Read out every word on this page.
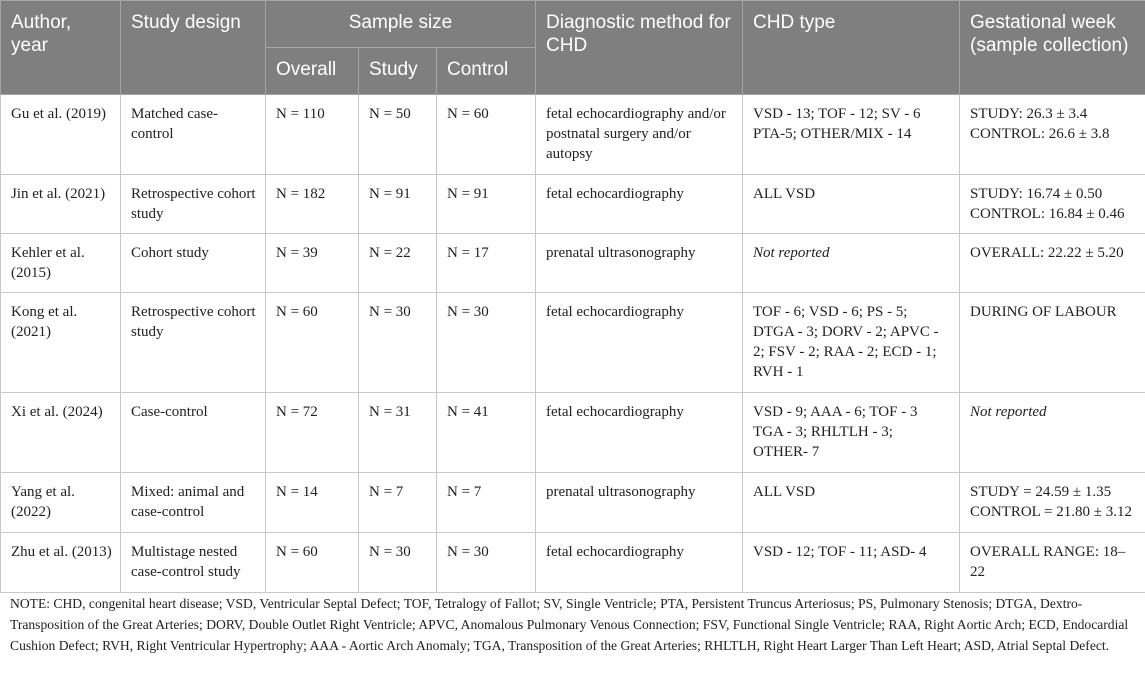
Author, year	Study design	Sample size			Diagnostic method for CHD	CHD type	Gestational week (sample collection)
		Overall	Study	Control			
Gu et al. (2019)	Matched case-control	N = 110	N = 50	N = 60	fetal echocardiography and/or postnatal surgery and/or autopsy	VSD - 13; TOF - 12; SV - 6 PTA-5; OTHER/MIX - 14	STUDY: 26.3 ± 3.4
CONTROL: 26.6 ± 3.8

Jin et al. (2021)	Retrospective cohort study	N = 182	N = 91	N = 91	fetal echocardiography	ALL VSD	STUDY: 16.74 ± 0.50
CONTROL: 16.84 ± 0.46

Kehler et al. (2015)	Cohort study	N = 39	N = 22	N = 17	prenatal ultrasonography	Not reported	OVERALL: 22.22 ± 5.20

Kong et al. (2021)	Retrospective cohort study	N = 60	N = 30	N = 30	fetal echocardiography	TOF - 6; VSD - 6; PS - 5; DTGA - 3; DORV - 2; APVC - 2; FSV - 2; RAA - 2; ECD - 1; RVH - 1	DURING OF LABOUR

Xi et al. (2024)	Case-control	N = 72	N = 31	N = 41	fetal echocardiography	VSD - 9; AAA - 6; TOF - 3 TGA - 3; RHLTLH - 3; OTHER- 7	Not reported
Yang et al. (2022)	Mixed: animal and case-control	N = 14	N = 7	N = 7	prenatal ultrasonography	ALL VSD	STUDY = 24.59 ± 1.35
CONTROL = 21.80 ± 3.12

Zhu et al. (2013)	Multistage nested case-control study	N = 60	N = 30	N = 30	fetal echocardiography	VSD - 12; TOF - 11; ASD- 4	OVERALL RANGE: 18–22
NOTE: CHD, congenital heart disease; VSD, Ventricular Septal Defect; TOF, Tetralogy of Fallot; SV, Single Ventricle; PTA, Persistent Truncus Arteriosus; PS, Pulmonary Stenosis; DTGA, Dextro-Transposition of the Great Arteries; DORV, Double Outlet Right Ventricle; APVC, Anomalous Pulmonary Venous Connection; FSV, Functional Single Ventricle; RAA, Right Aortic Arch; ECD, Endocardial Cushion Defect; RVH, Right Ventricular Hypertrophy; AAA - Aortic Arch Anomaly; TGA, Transposition of the Great Arteries; RHLTLH, Right Heart Larger Than Left Heart; ASD, Atrial Septal Defect.
